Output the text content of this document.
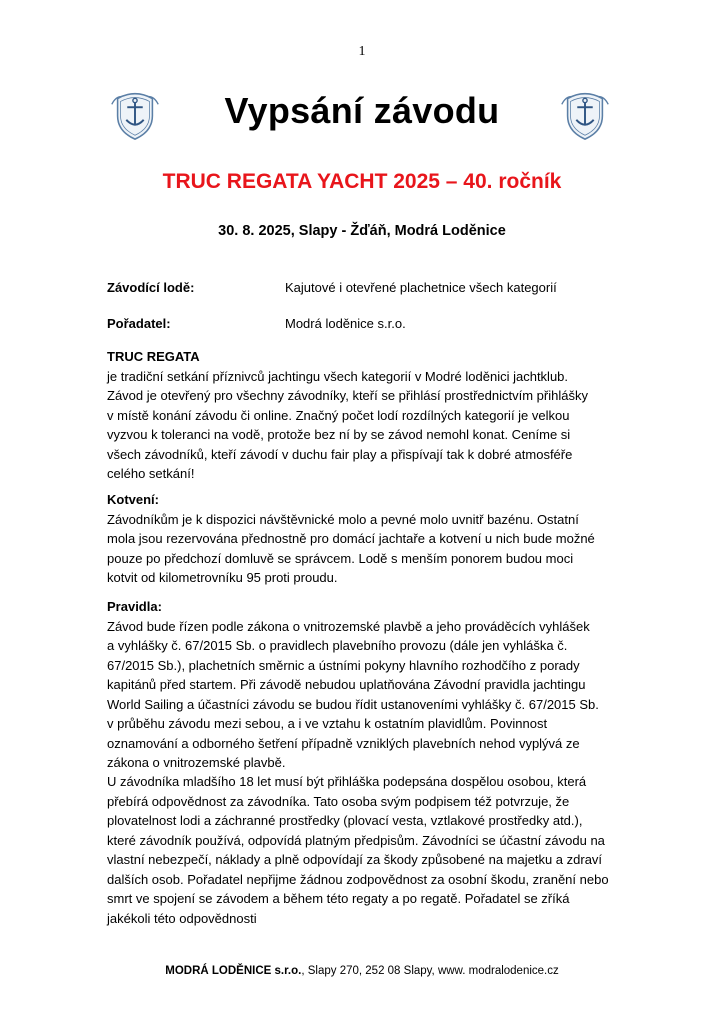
1
Vypsání závodu
TRUC REGATA YACHT 2025 – 40. ročník
30. 8. 2025, Slapy - Žďáň, Modrá Loděnice
Závodící lodě:	Kajutové i otevřené plachetnice všech kategorií
Pořadatel:	Modrá loděnice s.r.o.

TRUC REGATA

je tradiční setkání příznivců jachtingu všech kategorií v Modré loděnici jachtklub.

Závod je otevřený pro všechny závodníky, kteří se přihlásí prostřednictvím přihlášky

v místě konání závodu či online. Značný počet lodí rozdílných kategorií je velkou

vyzvou k toleranci na vodě, protože bez ní by se závod nemohl konat. Ceníme si

všech závodníků, kteří závodí v duchu fair play a přispívají tak k dobré atmosféře

celého setkání!

Kotvení:

Závodníkům je k dispozici návštěvnické molo a pevné molo uvnitř bazénu. Ostatní

mola jsou rezervována přednostně pro domácí jachtaře a kotvení u nich bude možné

pouze po předchozí domluvě se správcem. Lodě s menším ponorem budou moci

kotvit od kilometrovníku 95 proti proudu.

Pravidla:

Závod bude řízen podle zákona o vnitrozemské plavbě a jeho prováděcích vyhlášek

a vyhlášky č. 67/2015 Sb. o pravidlech plavebního provozu (dále jen vyhláška č.

67/2015 Sb.), plachetních směrnic a ústními pokyny hlavního rozhodčího z porady

kapitánů před startem. Při závodě nebudou uplatňována Závodní pravidla jachtingu

World Sailing a účastníci závodu se budou řídit ustanoveními vyhlášky č. 67/2015 Sb.

v průběhu závodu mezi sebou, a i ve vztahu k ostatním plavidlům. Povinnost

oznamování a odborného šetření případně vzniklých plavebních nehod vyplývá ze

zákona o vnitrozemské plavbě.

U závodníka mladšího 18 let musí být přihláška podepsána dospělou osobou, která

přebírá odpovědnost za závodníka. Tato osoba svým podpisem též potvrzuje, že

plovatelnost lodi a záchranné prostředky (plovací vesta, vztlakové prostředky atd.),

které závodník používá, odpovídá platným předpisům. Závodníci se účastní závodu na

vlastní nebezpečí, náklady a plně odpovídají za škody způsobené na majetku a zdraví

dalších osob. Pořadatel nepřijme žádnou zodpovědnost za osobní škodu, zranění nebo

smrt ve spojení se závodem a během této regaty a po regatě. Pořadatel se zříká

jakékoli této odpovědnosti

MODRÁ LODĚNICE s.r.o., Slapy 270, 252 08 Slapy, www. modralodenice.cz
